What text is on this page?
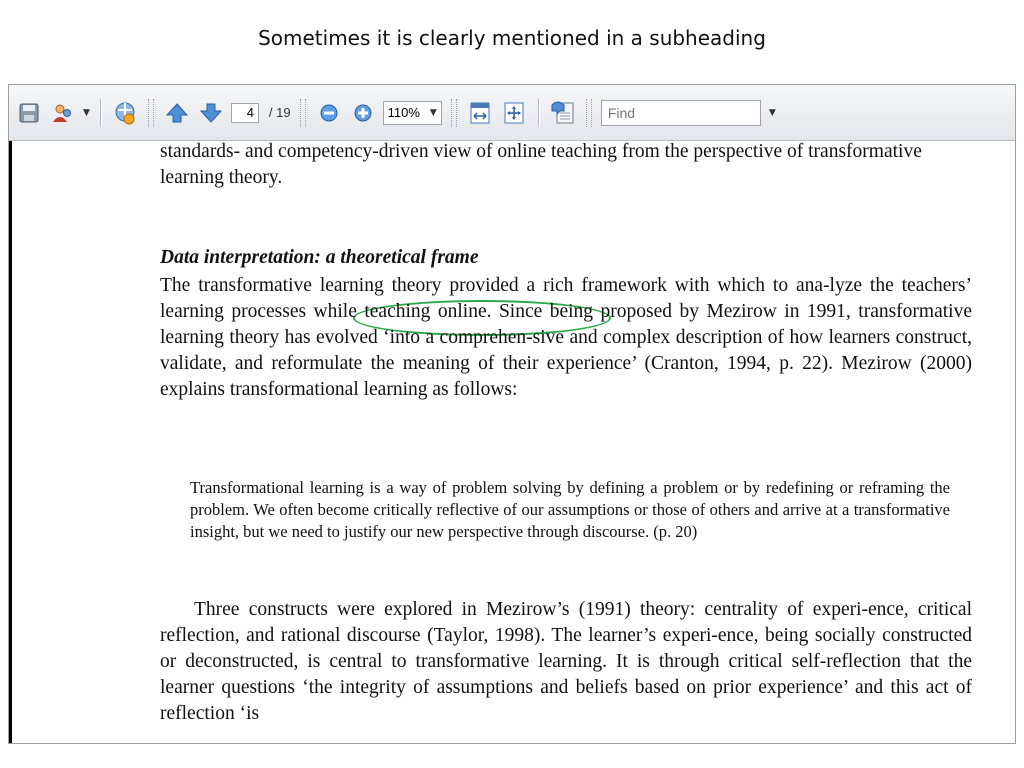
Sometimes it is clearly mentioned in a subheading
▼
4	/ 19	110% ▼
Find	▼
standards- and competency-driven view of online teaching from the perspective of transformative learning theory.
Data interpretation: a theoretical frame
The transformative learning theory provided a rich framework with which to ana-lyze the teachers’ learning processes while teaching online. Since being proposed by Mezirow in 1991, transformative learning theory has evolved ‘into a comprehen-sive and complex description of how learners construct, validate, and reformulate the meaning of their experience’ (Cranton, 1994, p. 22). Mezirow (2000) explains transformational learning as follows:
Transformational learning is a way of problem solving by defining a problem or by redefining or reframing the problem. We often become critically reflective of our assumptions or those of others and arrive at a transformative insight, but we need to justify our new perspective through discourse. (p. 20)
Three constructs were explored in Mezirow’s (1991) theory: centrality of experi-ence, critical reflection, and rational discourse (Taylor, 1998). The learner’s experi-ence, being socially constructed or deconstructed, is central to transformative learning. It is through critical self-reflection that the learner questions ‘the integrity of assumptions and beliefs based on prior experience’ and this act of reflection ‘is
